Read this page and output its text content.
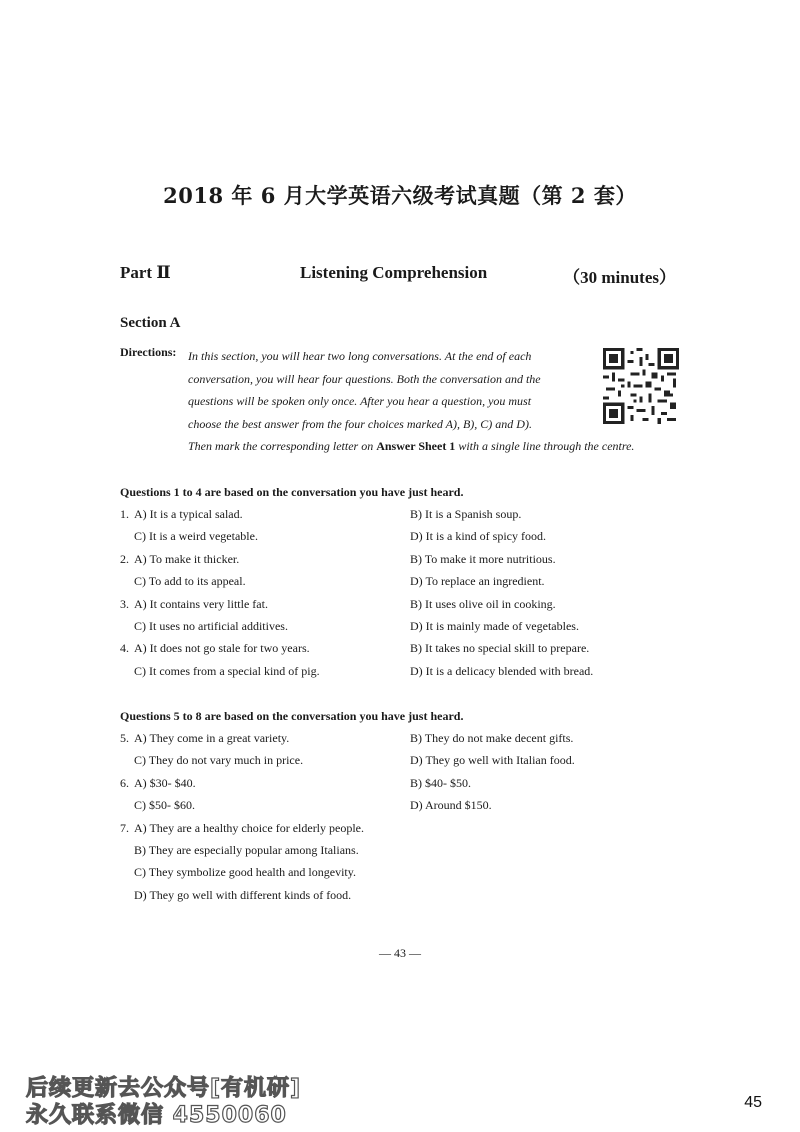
2018 年 6 月大学英语六级考试真题（第 2 套）
Part Ⅱ	Listening Comprehension	（30 minutes）
Section A
Directions: In this section, you will hear two long conversations. At the end of each
conversation, you will hear four questions. Both the conversation and the
questions will be spoken only once. After you hear a question, you must
choose the best answer from the four choices marked A), B), C) and D).
Then mark the corresponding letter on Answer Sheet 1 with a single line through the centre.
Questions 1 to 4 are based on the conversation you have just heard.
1. A) It is a typical salad.	B) It is a Spanish soup.
C) It is a weird vegetable.	D) It is a kind of spicy food.
2. A) To make it thicker.	B) To make it more nutritious.
C) To add to its appeal.	D) To replace an ingredient.
3. A) It contains very little fat.	B) It uses olive oil in cooking.
C) It uses no artificial additives.	D) It is mainly made of vegetables.
4. A) It does not go stale for two years.	B) It takes no special skill to prepare.
C) It comes from a special kind of pig.	D) It is a delicacy blended with bread.
Questions 5 to 8 are based on the conversation you have just heard.
5. A) They come in a great variety.	B) They do not make decent gifts.
C) They do not vary much in price.	D) They go well with Italian food.
6. A) $30- $40.	B) $40- $50.
C) $50- $60.	D) Around $150.
7. A) They are a healthy choice for elderly people.
B) They are especially popular among Italians.
C) They symbolize good health and longevity.
D) They go well with different kinds of food.
— 43 —
后续更新去公众号[有机研]
永久联系微信 4550060
45
